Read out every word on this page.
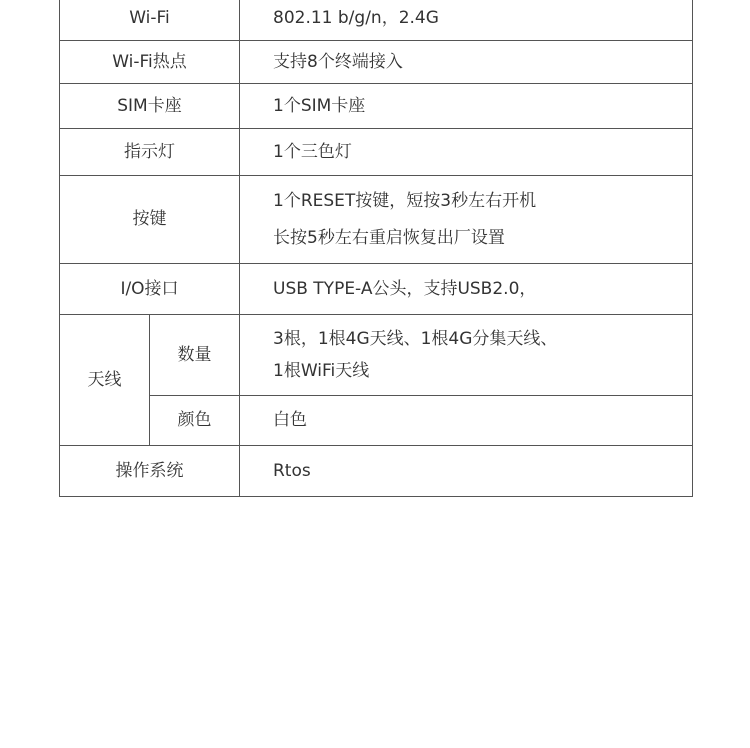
Wi-Fi		802.11 b/g/n，2.4G
Wi-Fi热点		支持8个终端接入
SIM卡座		1个SIM卡座
指示灯		1个三色灯
按键		1个RESET按键，短按3秒左右开机
长按5秒左右重启恢复出厂设置

I/O接口		USB TYPE-A公头，支持USB2.0，
天线	数量	3根，1根4G天线、1根4G分集天线、
1根WiFi天线

	颜色	白色
操作系统		Rtos
